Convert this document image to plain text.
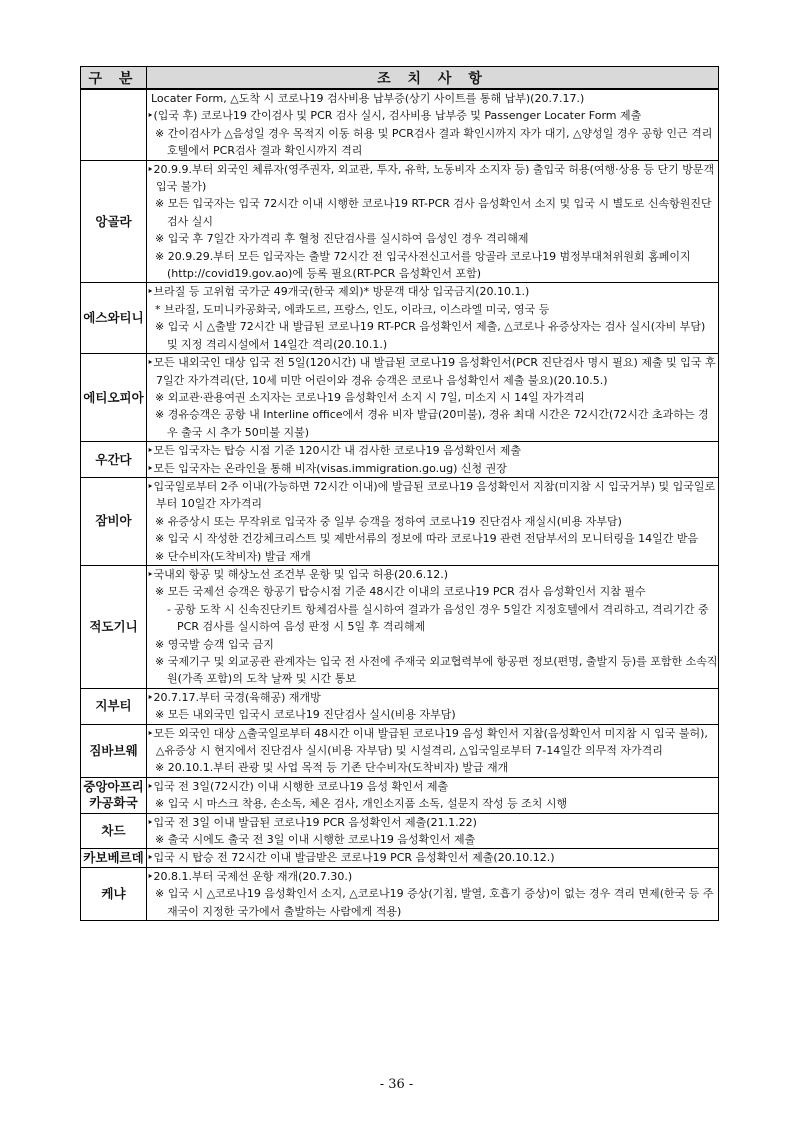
구 분	조 치 사 항

	Locater Form, △도착 시 코로나19 검사비용 납부증(상기 사이트를 통해 납부)(20.7.17.)
‣(입국 후) 코로나19 간이검사 및 PCR 검사 실시, 검사비용 납부증 및 Passenger Locater Form 제출
※ 간이검사가 △음성일 경우 목적지 이동 허용 및 PCR검사 결과 확인시까지 자가 대기, △양성일 경우 공항 인근 격리호텔에서 PCR검사 결과 확인시까지 격리

앙골라	‣20.9.9.부터 외국인 체류자(영주권자, 외교관, 투자, 유학, 노동비자 소지자 등) 출입국 허용(여행·상용 등 단기 방문객 입국 불가)
※ 모든 입국자는 입국 72시간 이내 시행한 코로나19 RT-PCR 검사 음성확인서 소지 및 입국 시 별도로 신속항원진단검사 실시
※ 입국 후 7일간 자가격리 후 혈청 진단검사를 실시하여 음성인 경우 격리해제
※ 20.9.29.부터 모든 입국자는 출발 72시간 전 입국사전신고서를 앙골라 코로나19 범정부대처위원회 홈페이지(http://covid19.gov.ao)에 등록 필요(RT-PCR 음성확인서 포함)

에스와티니	‣브라질 등 고위험 국가군 49개국(한국 제외)* 방문객 대상 입국금지(20.10.1.)
* 브라질, 도미니카공화국, 에콰도르, 프랑스, 인도, 이라크, 이스라엘 미국, 영국 등
※ 입국 시 △출발 72시간 내 발급된 코로나19 RT-PCR 음성확인서 제출, △코로나 유증상자는 검사 실시(자비 부담) 및 지정 격리시설에서 14일간 격리(20.10.1.)

에티오피아	‣모든 내외국인 대상 입국 전 5일(120시간) 내 발급된 코로나19 음성확인서(PCR 진단검사 명시 필요) 제출 및 입국 후 7일간 자가격리(단, 10세 미만 어린이와 경유 승객은 코로나 음성확인서 제출 불요)(20.10.5.)
※ 외교관·관용여권 소지자는 코로나19 음성확인서 소지 시 7일, 미소지 시 14일 자가격리
※ 경유승객은 공항 내 Interline office에서 경유 비자 발급(20미불), 경유 최대 시간은 72시간(72시간 초과하는 경우 출국 시 추가 50미불 지불)

우간다	‣모든 입국자는 탑승 시점 기준 120시간 내 검사한 코로나19 음성확인서 제출
‣모든 입국자는 온라인을 통해 비자(visas.immigration.go.ug) 신청 권장

잠비아	‣입국일로부터 2주 이내(가능하면 72시간 이내)에 발급된 코로나19 음성확인서 지참(미지참 시 입국거부) 및 입국일로부터 10일간 자가격리
※ 유증상시 또는 무작위로 입국자 중 일부 승객을 정하여 코로나19 진단검사 재실시(비용 자부담)
※ 입국 시 작성한 건강체크리스트 및 제반서류의 정보에 따라 코로나19 관련 전담부서의 모니터링을 14일간 받음
※ 단수비자(도착비자) 발급 재개

적도기니	‣국내외 항공 및 해상노선 조건부 운항 및 입국 허용(20.6.12.)
※ 모든 국제선 승객은 항공기 탑승시점 기준 48시간 이내의 코로나19 PCR 검사 음성확인서 지참 필수
- 공항 도착 시 신속진단키트 항체검사를 실시하여 결과가 음성인 경우 5일간 지정호텔에서 격리하고, 격리기간 중 PCR 검사를 실시하여 음성 판정 시 5일 후 격리해제
※ 영국발 승객 입국 금지
※ 국제기구 및 외교공관 관계자는 입국 전 사전에 주재국 외교협력부에 항공편 정보(편명, 출발지 등)를 포함한 소속직원(가족 포함)의 도착 날짜 및 시간 통보

지부티	‣20.7.17.부터 국경(육해공) 재개방
※ 모든 내외국민 입국시 코로나19 진단검사 실시(비용 자부담)

짐바브웨	‣모든 외국인 대상 △출국일로부터 48시간 이내 발급된 코로나19 음성 확인서 지참(음성확인서 미지참 시 입국 불허), △유증상 시 현지에서 진단검사 실시(비용 자부담) 및 시설격리, △입국일로부터 7-14일간 의무적 자가격리
※ 20.10.1.부터 관광 및 사업 목적 등 기존 단수비자(도착비자) 발급 재개

중앙아프리카공화국	‣입국 전 3일(72시간) 이내 시행한 코로나19 음성 확인서 제출
※ 입국 시 마스크 착용, 손소독, 체온 검사, 개인소지품 소독, 설문지 작성 등 조치 시행

차드	‣입국 전 3일 이내 발급된 코로나19 PCR 음성확인서 제출(21.1.22)
※ 출국 시에도 출국 전 3일 이내 시행한 코로나19 음성확인서 제출

카보베르데	‣입국 시 탑승 전 72시간 이내 발급받은 코로나19 PCR 음성확인서 제출(20.10.12.)

케냐	‣20.8.1.부터 국제선 운항 재개(20.7.30.)
※ 입국 시 △코로나19 음성확인서 소지, △코로나19 증상(기침, 발열, 호흡기 증상)이 없는 경우 격리 면제(한국 등 주재국이 지정한 국가에서 출발하는 사람에게 적용)
- 36 -
